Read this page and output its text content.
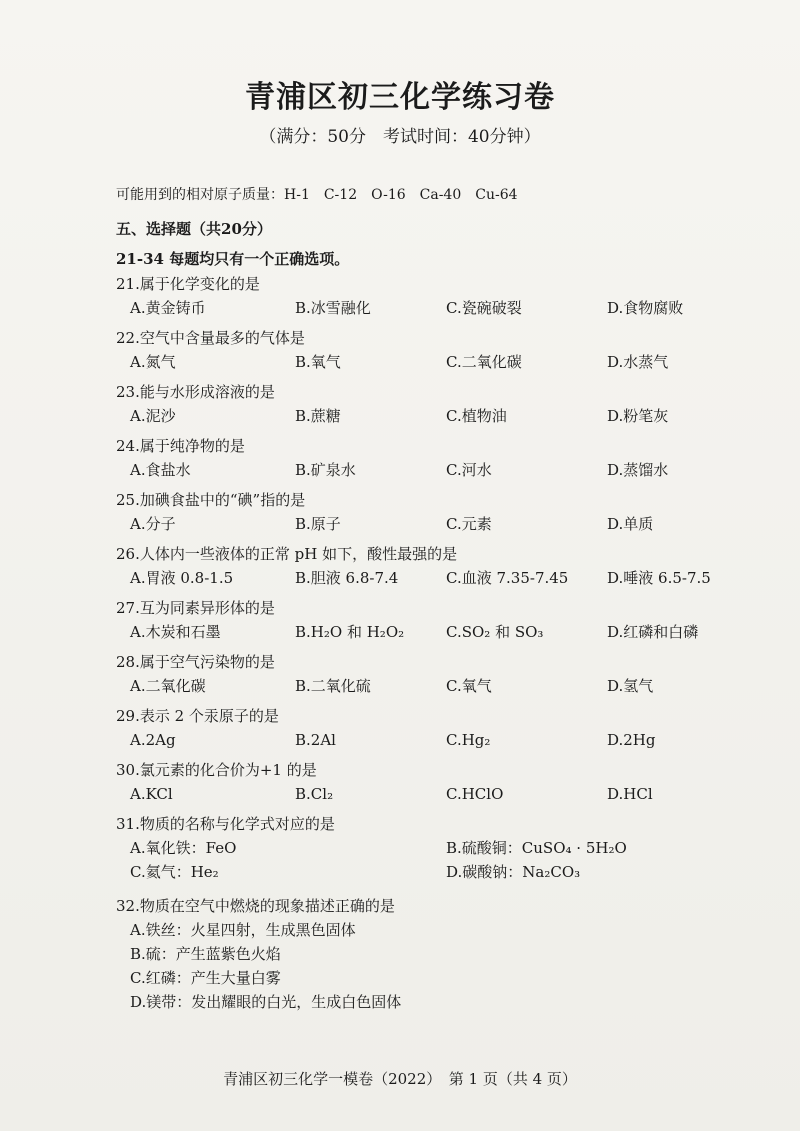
青浦区初三化学练习卷
（满分：50分　考试时间：40分钟）
可能用到的相对原子质量：H-1　C-12　O-16　Ca-40　Cu-64
五、选择题（共20分）
21-34 每题均只有一个正确选项。
21.属于化学变化的是
A.黄金铸币	B.冰雪融化	C.瓷碗破裂	D.食物腐败
22.空气中含量最多的气体是
A.氮气	B.氧气	C.二氧化碳	D.水蒸气
23.能与水形成溶液的是
A.泥沙	B.蔗糖	C.植物油	D.粉笔灰
24.属于纯净物的是
A.食盐水	B.矿泉水	C.河水	D.蒸馏水
25.加碘食盐中的“碘”指的是
A.分子	B.原子	C.元素	D.单质
26.人体内一些液体的正常 pH 如下，酸性最强的是
A.胃液 0.8-1.5	B.胆液 6.8-7.4	C.血液 7.35-7.45	D.唾液 6.5-7.5
27.互为同素异形体的是
A.木炭和石墨	B.H₂O 和 H₂O₂	C.SO₂ 和 SO₃	D.红磷和白磷
28.属于空气污染物的是
A.二氧化碳	B.二氧化硫	C.氧气	D.氢气
29.表示 2 个汞原子的是
A.2Ag	B.2Al	C.Hg₂	D.2Hg
30.氯元素的化合价为+1 的是
A.KCl	B.Cl₂	C.HClO	D.HCl
31.物质的名称与化学式对应的是
A.氧化铁：FeO	B.硫酸铜：CuSO₄ · 5H₂O
C.氦气：He₂	D.碳酸钠：Na₂CO₃
32.物质在空气中燃烧的现象描述正确的是
A.铁丝：火星四射，生成黑色固体
B.硫：产生蓝紫色火焰
C.红磷：产生大量白雾
D.镁带：发出耀眼的白光，生成白色固体
青浦区初三化学一模卷（2022）　第 1 页（共 4 页）
